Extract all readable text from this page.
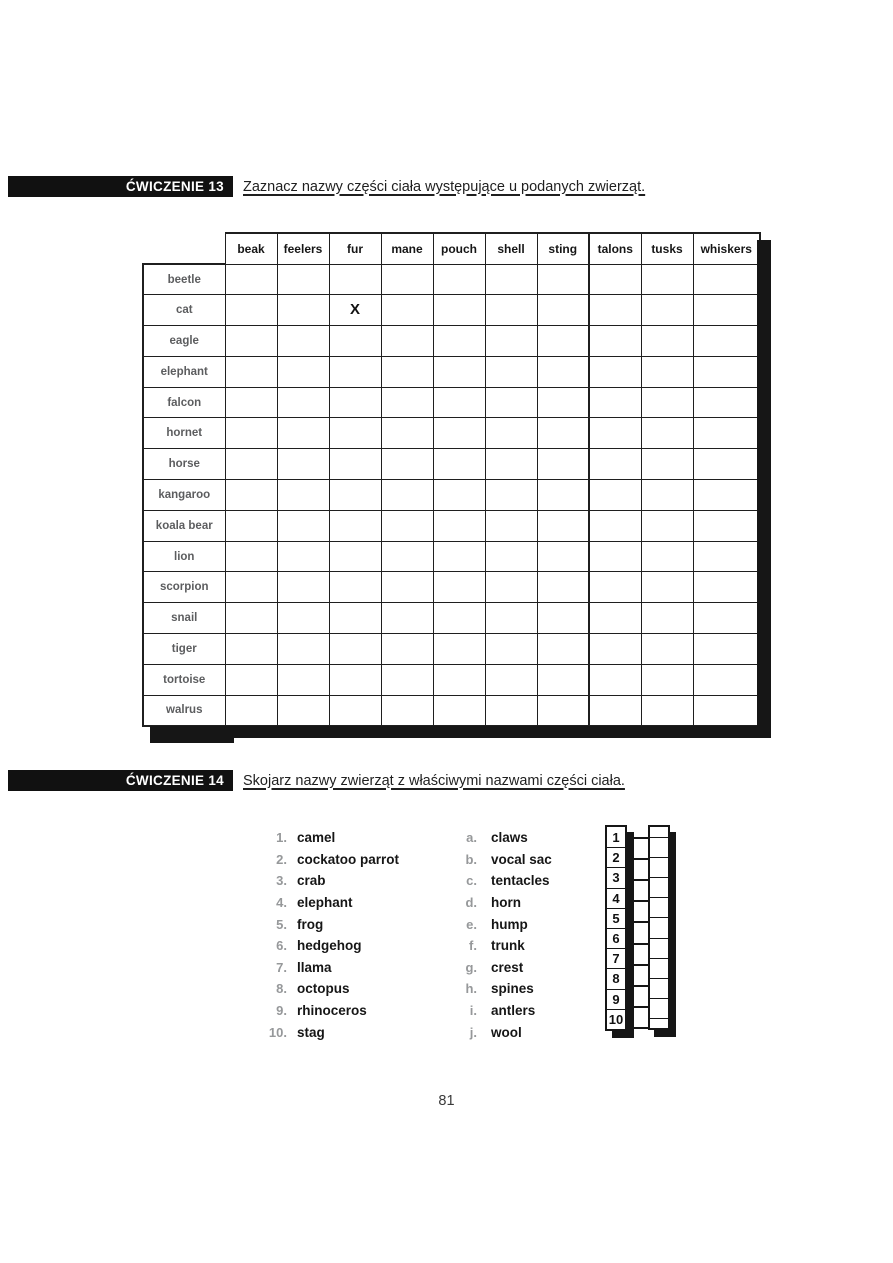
ĆWICZENIE 13	Zaznacz nazwy części ciała występujące u podanych zwierząt.
	beak	feelers	fur	mane	pouch	shell	sting	talons	tusks	whiskers
beetle										
cat			X							
eagle										
elephant										
falcon										
hornet										
horse										
kangaroo										
koala bear										
lion										
scorpion										
snail										
tiger										
tortoise										
walrus										
ĆWICZENIE 14	Skojarz nazwy zwierząt z właściwymi nazwami części ciała.
1. camel
2. cockatoo parrot
3. crab
4. elephant
5. frog
6. hedgehog
7. llama
8. octopus
9. rhinoceros
10. stag
a. claws
b. vocal sac
c. tentacles
d. horn
e. hump
f. trunk
g. crest
h. spines
i. antlers
j. wool
1
2
3
4
5
6
7
8
9
10
81
